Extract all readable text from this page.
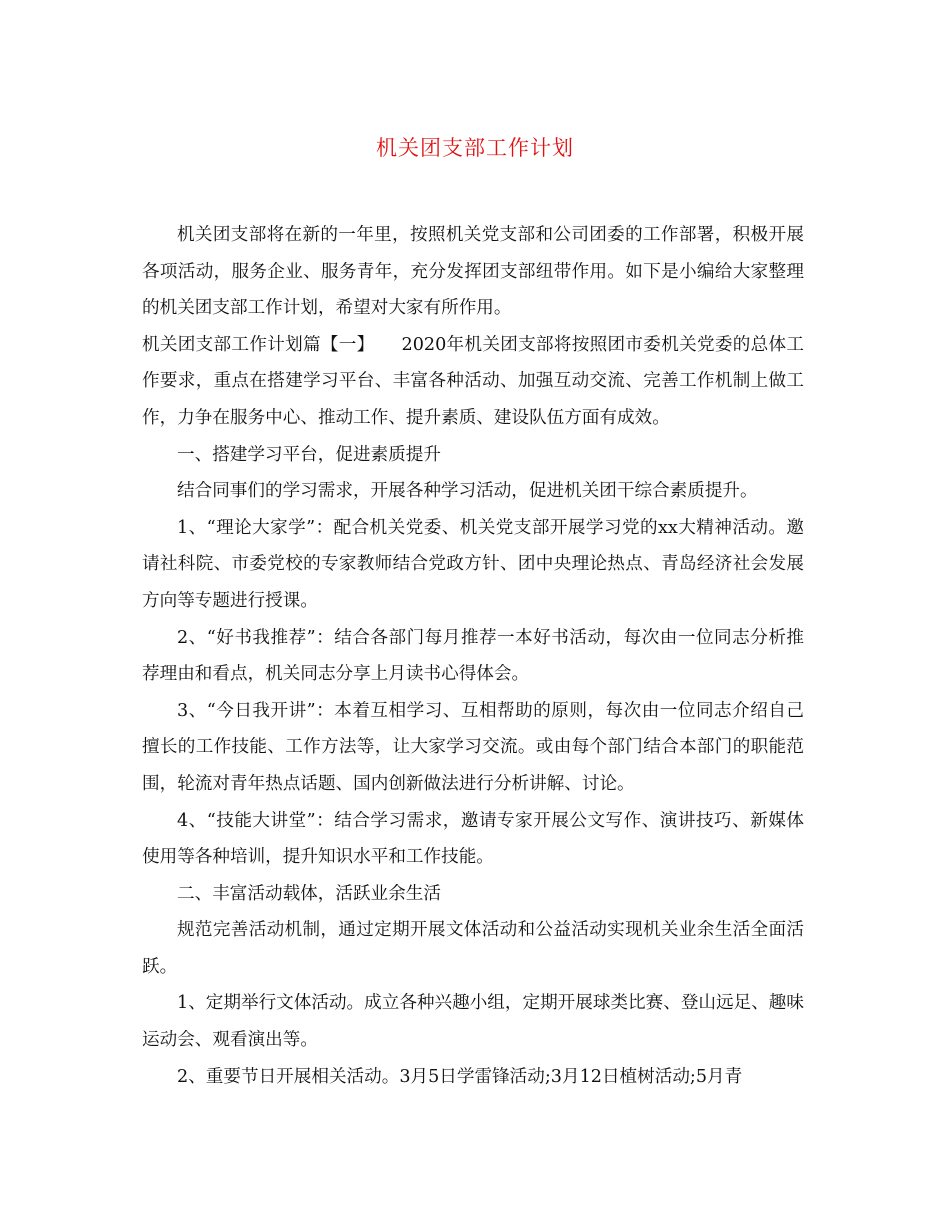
机关团支部工作计划

机关团支部将在新的一年里，按照机关党支部和公司团委的工作部署，积极开展各项活动，服务企业、服务青年，充分发挥团支部纽带作用。如下是小编给大家整理的机关团支部工作计划，希望对大家有所作用。

机关团支部工作计划篇【一】　　2020年机关团支部将按照团市委机关党委的总体工作要求，重点在搭建学习平台、丰富各种活动、加强互动交流、完善工作机制上做工作，力争在服务中心、推动工作、提升素质、建设队伍方面有成效。

一、搭建学习平台，促进素质提升

结合同事们的学习需求，开展各种学习活动，促进机关团干综合素质提升。

1、“理论大家学”：配合机关党委、机关党支部开展学习党的xx大精神活动。邀请社科院、市委党校的专家教师结合党政方针、团中央理论热点、青岛经济社会发展方向等专题进行授课。

2、“好书我推荐”：结合各部门每月推荐一本好书活动，每次由一位同志分析推荐理由和看点，机关同志分享上月读书心得体会。

3、“今日我开讲”：本着互相学习、互相帮助的原则，每次由一位同志介绍自己擅长的工作技能、工作方法等，让大家学习交流。或由每个部门结合本部门的职能范围，轮流对青年热点话题、国内创新做法进行分析讲解、讨论。

4、“技能大讲堂”：结合学习需求，邀请专家开展公文写作、演讲技巧、新媒体使用等各种培训，提升知识水平和工作技能。

二、丰富活动载体，活跃业余生活

规范完善活动机制，通过定期开展文体活动和公益活动实现机关业余生活全面活跃。

1、定期举行文体活动。成立各种兴趣小组，定期开展球类比赛、登山远足、趣味运动会、观看演出等。

2、重要节日开展相关活动。3月5日学雷锋活动;3月12日植树活动;5月青
